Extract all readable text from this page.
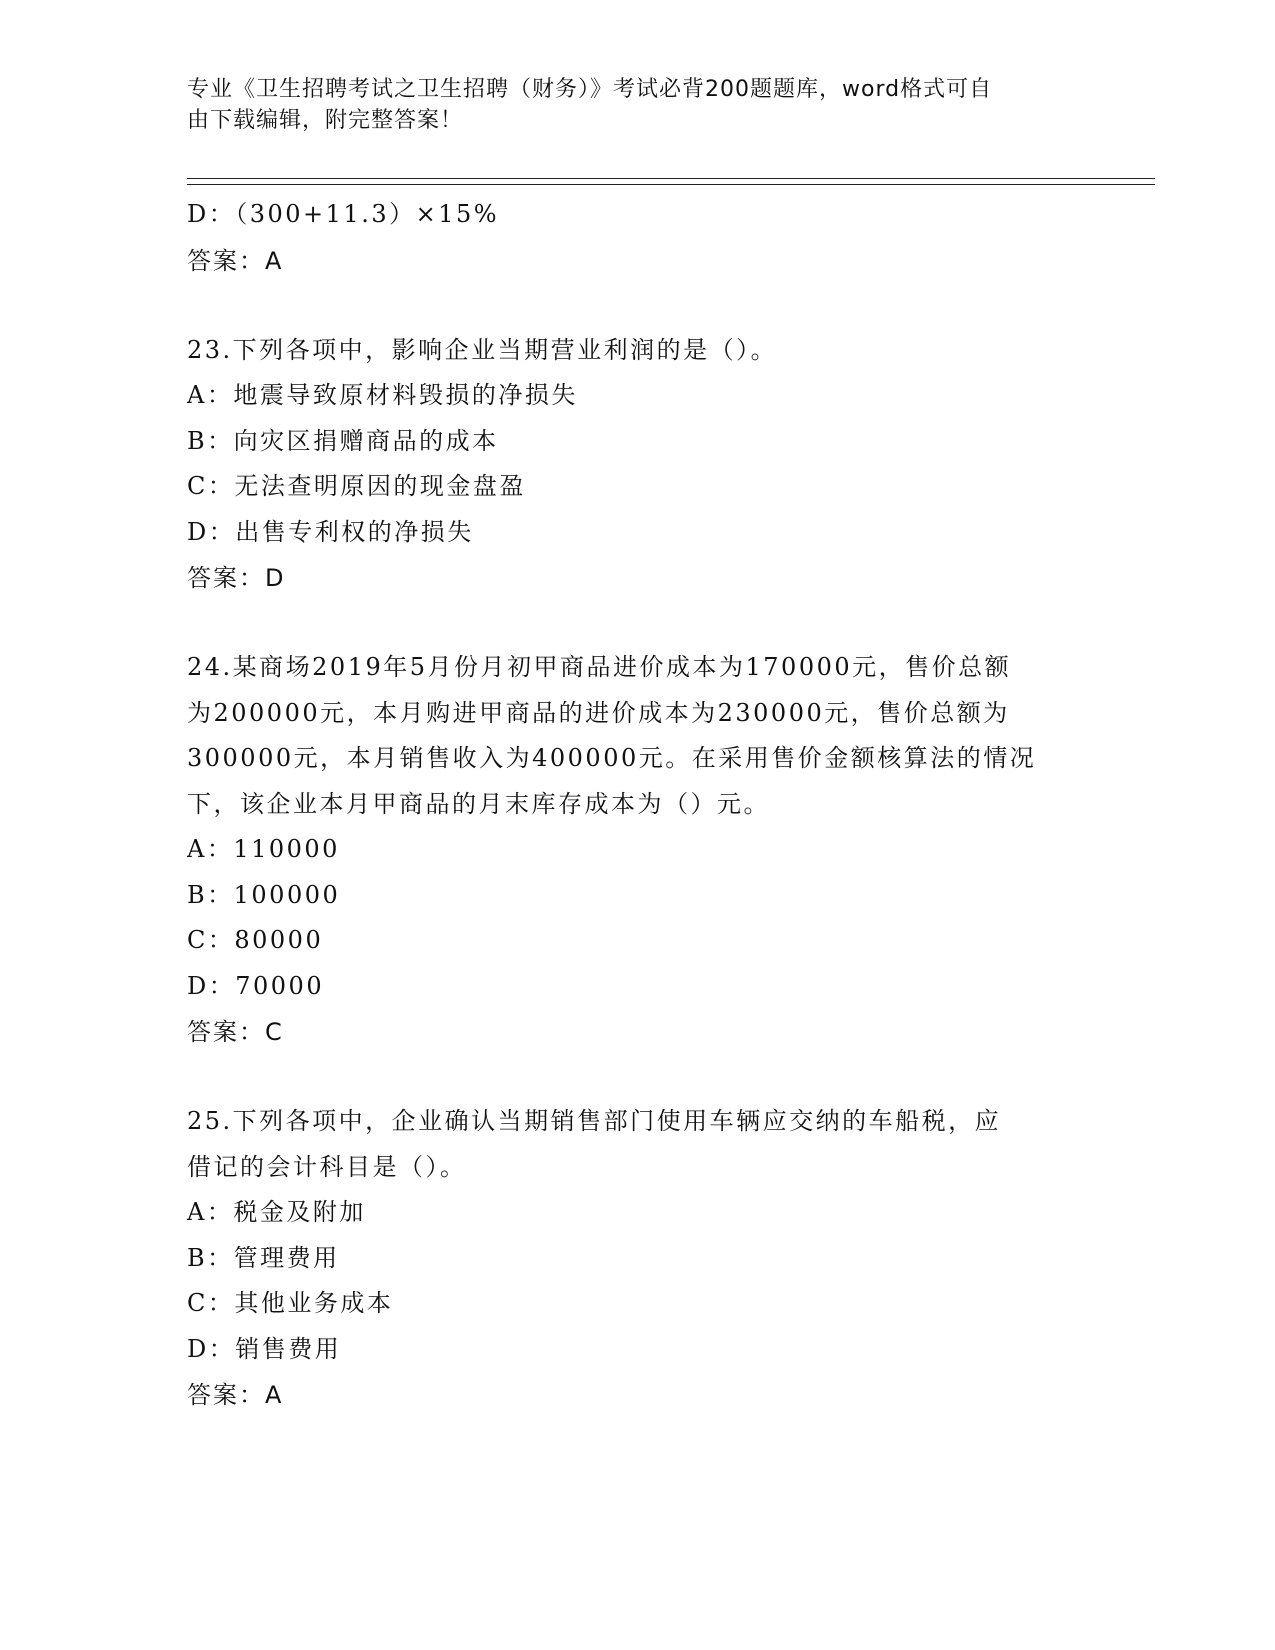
专业《卫生招聘考试之卫生招聘（财务）》考试必背200题题库，word格式可自
由下载编辑，附完整答案！
D：（300+11.3）×15%
答案：A
23.下列各项中，影响企业当期营业利润的是（）。
A：地震导致原材料毁损的净损失
B：向灾区捐赠商品的成本
C：无法查明原因的现金盘盈
D：出售专利权的净损失
答案：D
24.某商场2019年5月份月初甲商品进价成本为170000元，售价总额
为200000元，本月购进甲商品的进价成本为230000元，售价总额为
300000元，本月销售收入为400000元。在采用售价金额核算法的情况
下，该企业本月甲商品的月末库存成本为（）元。
A：110000
B：100000
C：80000
D：70000
答案：C
25.下列各项中，企业确认当期销售部门使用车辆应交纳的车船税，应
借记的会计科目是（）。
A：税金及附加
B：管理费用
C：其他业务成本
D：销售费用
答案：A
